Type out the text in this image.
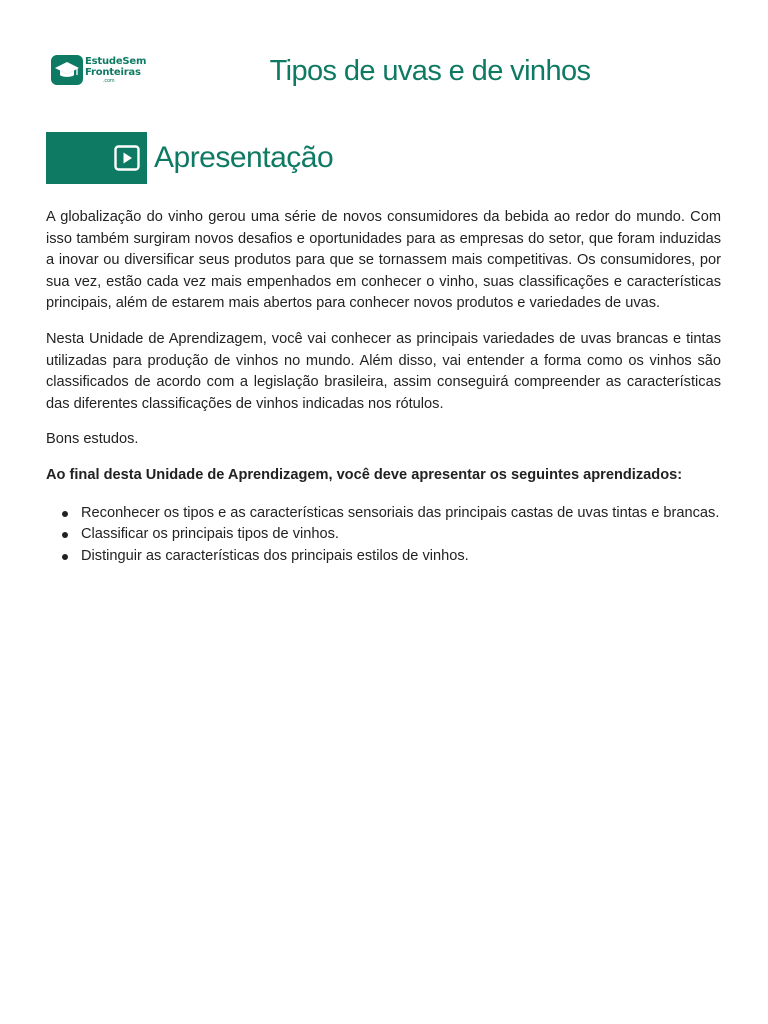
EstudeSem
Fronteiras
.com	Tipos de uvas e de vinhos
Apresentação

A globalização do vinho gerou uma série de novos consumidores da bebida ao redor do mundo. Com isso também surgiram novos desafios e oportunidades para as empresas do setor, que foram induzidas a inovar ou diversificar seus produtos para que se tornassem mais competitivas. Os consumidores, por sua vez, estão cada vez mais empenhados em conhecer o vinho, suas classificações e características principais, além de estarem mais abertos para conhecer novos produtos e variedades de uvas.

Nesta Unidade de Aprendizagem, você vai conhecer as principais variedades de uvas brancas e tintas utilizadas para produção de vinhos no mundo. Além disso, vai entender a forma como os vinhos são classificados de acordo com a legislação brasileira, assim conseguirá compreender as características das diferentes classificações de vinhos indicadas nos rótulos.

Bons estudos.

Ao final desta Unidade de Aprendizagem, você deve apresentar os seguintes aprendizados:

Reconhecer os tipos e as características sensoriais das principais castas de uvas tintas e brancas.
Classificar os principais tipos de vinhos.
Distinguir as características dos principais estilos de vinhos.
